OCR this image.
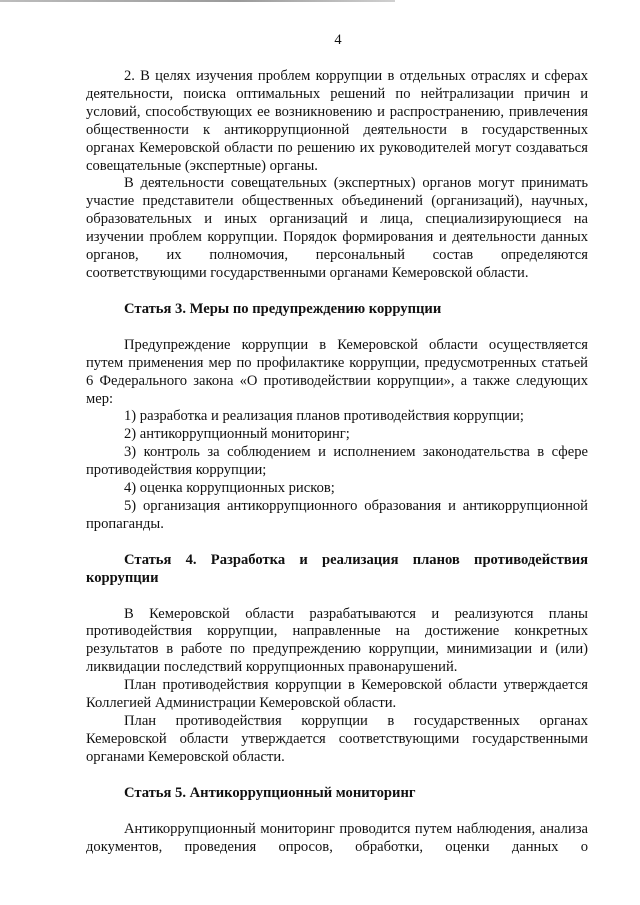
4

2. В целях изучения проблем коррупции в отдельных отраслях и сферах деятельности, поиска оптимальных решений по нейтрализации причин и условий, способствующих ее возникновению и распространению, привлечения общественности к антикоррупционной деятельности в государственных органах Кемеровской области по решению их руководителей могут создаваться совещательные (экспертные) органы.

В деятельности совещательных (экспертных) органов могут принимать участие представители общественных объединений (организаций), научных, образовательных и иных организаций и лица, специализирующиеся на изучении проблем коррупции. Порядок формирования и деятельности данных органов, их полномочия, персональный состав определяются соответствующими государственными органами Кемеровской области.

Статья 3. Меры по предупреждению коррупции

Предупреждение коррупции в Кемеровской области осуществляется путем применения мер по профилактике коррупции, предусмотренных статьей 6 Федерального закона «О противодействии коррупции», а также следующих мер:

1) разработка и реализация планов противодействия коррупции;

2) антикоррупционный мониторинг;

3) контроль за соблюдением и исполнением законодательства в сфере противодействия коррупции;

4) оценка коррупционных рисков;

5) организация антикоррупционного образования и антикоррупционной пропаганды.

Статья 4. Разработка и реализация планов противодействия коррупции

В Кемеровской области разрабатываются и реализуются планы противодействия коррупции, направленные на достижение конкретных результатов в работе по предупреждению коррупции, минимизации и (или) ликвидации последствий коррупционных правонарушений.

План противодействия коррупции в Кемеровской области утверждается Коллегией Администрации Кемеровской области.

План противодействия коррупции в государственных органах Кемеровской области утверждается соответствующими государственными органами Кемеровской области.

Статья 5. Антикоррупционный мониторинг

Антикоррупционный мониторинг проводится путем наблюдения, анализа документов, проведения опросов, обработки, оценки данных о
